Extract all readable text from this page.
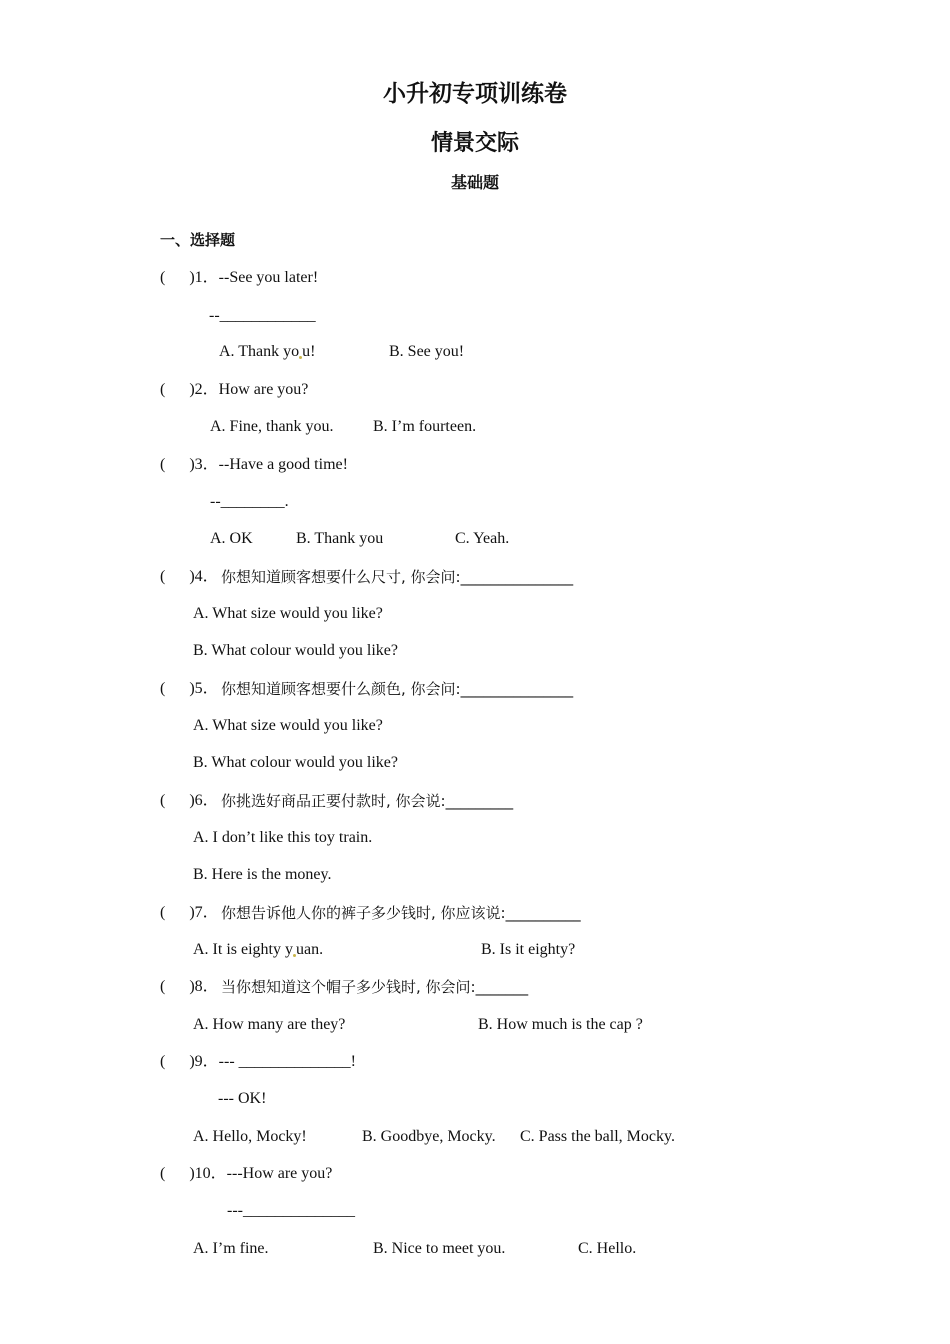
小升初专项训练卷
情景交际
基础题
一、选择题
(      )1．--See you later!
--____________
A. Thank yo u!	B. See you!
(      )2．How are you?
A. Fine, thank you. B. I’m fourteen.
(      )3．--Have a good time!
--________.
A. OK	B. Thank you	C. Yeah.
(      )4． 你想知道顾客想要什么尺寸, 你会问:_______________
A. What size would you like?
B. What colour would you like?
(      )5． 你想知道顾客想要什么颜色, 你会问:_______________
A. What size would you like?
B. What colour would you like?
(      )6． 你挑选好商品正要付款时, 你会说:_________
A. I don’t like this toy train.
B. Here is the money.
(      )7． 你想告诉他人你的裤子多少钱时, 你应该说:__________
A. It is eighty y uan.	B. Is it eighty?
(      )8． 当你想知道这个帽子多少钱时, 你会问:_______
A. How many are they?	B. How much is the cap ?
(      )9．--- ______________!
--- OK!
A. Hello, Mocky!	B. Goodbye, Mocky. C. Pass the ball, Mocky.
(      )10．---How are you?
---______________
A. I’m fine.	B. Nice to meet you.	C. Hello.
